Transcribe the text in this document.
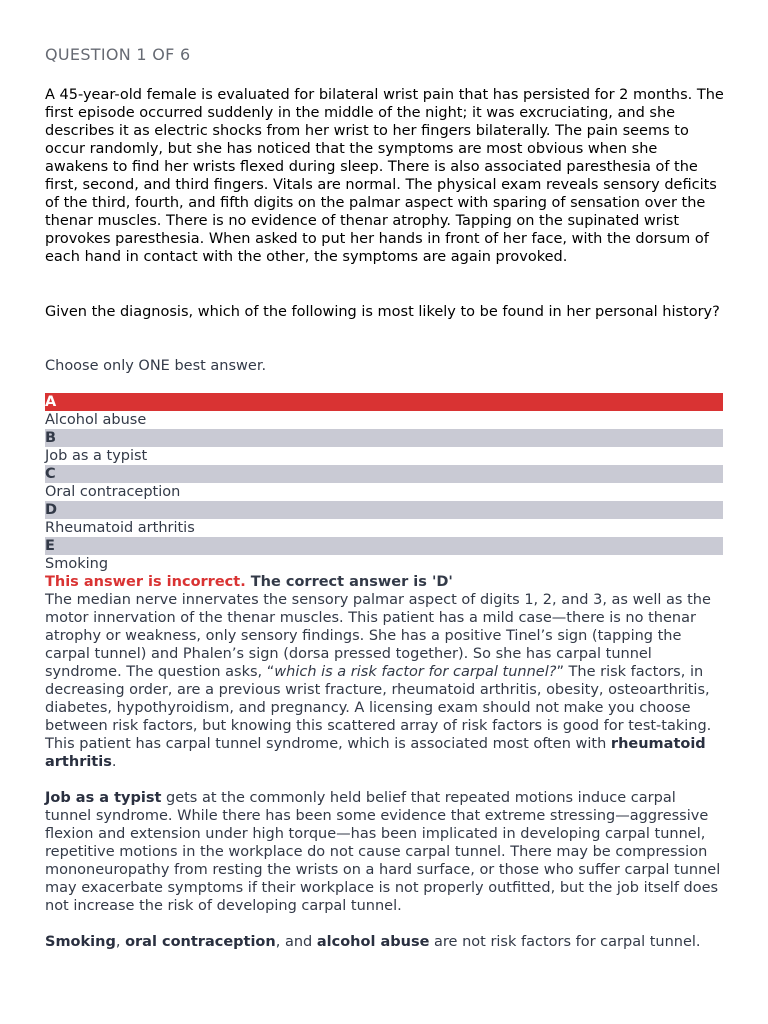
QUESTION 1 OF 6

A 45-year-old female is evaluated for bilateral wrist pain that has persisted for 2 months. The first episode occurred suddenly in the middle of the night; it was excruciating, and she describes it as electric shocks from her wrist to her fingers bilaterally. The pain seems to occur randomly, but she has noticed that the symptoms are most obvious when she awakens to find her wrists flexed during sleep. There is also associated paresthesia of the first, second, and third fingers. Vitals are normal. The physical exam reveals sensory deficits of the third, fourth, and fifth digits on the palmar aspect with sparing of sensation over the thenar muscles. There is no evidence of thenar atrophy. Tapping on the supinated wrist provokes paresthesia. When asked to put her hands in front of her face, with the dorsum of each hand in contact with the other, the symptoms are again provoked.

Given the diagnosis, which of the following is most likely to be found in her personal history?

Choose only ONE best answer.

A
Alcohol abuse
B
Job as a typist
C
Oral contraception
D
Rheumatoid arthritis
E
Smoking
This answer is incorrect. The correct answer is 'D'

The median nerve innervates the sensory palmar aspect of digits 1, 2, and 3, as well as the motor innervation of the thenar muscles. This patient has a mild case—there is no thenar atrophy or weakness, only sensory findings. She has a positive Tinel’s sign (tapping the carpal tunnel) and Phalen’s sign (dorsa pressed together). So she has carpal tunnel syndrome. The question asks, “which is a risk factor for carpal tunnel?” The risk factors, in decreasing order, are a previous wrist fracture, rheumatoid arthritis, obesity, osteoarthritis, diabetes, hypothyroidism, and pregnancy. A licensing exam should not make you choose between risk factors, but knowing this scattered array of risk factors is good for test-taking. This patient has carpal tunnel syndrome, which is associated most often with rheumatoid arthritis.

Job as a typist gets at the commonly held belief that repeated motions induce carpal tunnel syndrome. While there has been some evidence that extreme stressing—aggressive flexion and extension under high torque—has been implicated in developing carpal tunnel, repetitive motions in the workplace do not cause carpal tunnel. There may be compression mononeuropathy from resting the wrists on a hard surface, or those who suffer carpal tunnel may exacerbate symptoms if their workplace is not properly outfitted, but the job itself does not increase the risk of developing carpal tunnel.

Smoking, oral contraception, and alcohol abuse are not risk factors for carpal tunnel.
